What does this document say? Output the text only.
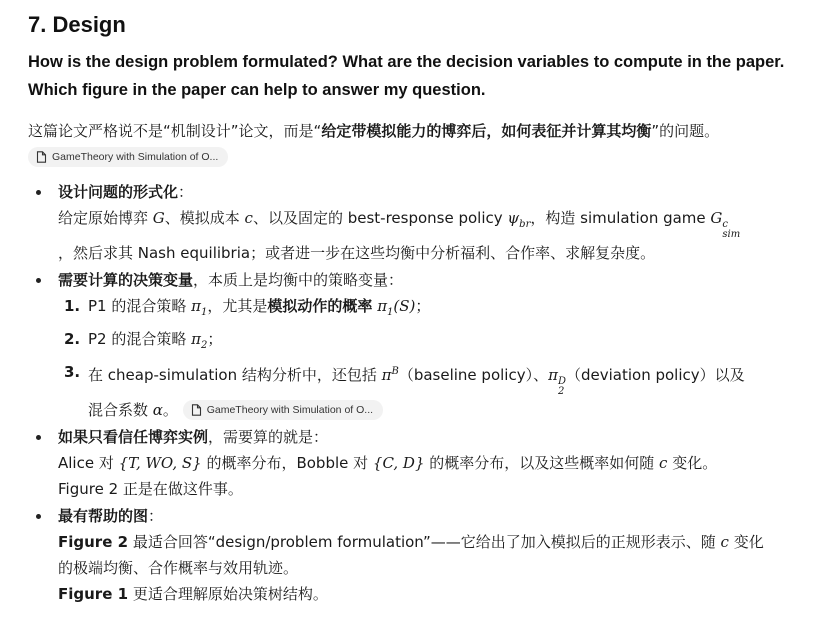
7. Design
How is the design problem formulated? What are the decision variables to compute in the paper. Which figure in the paper can help to answer my question.

这篇论文严格说不是“机制设计”论文，而是“给定带模拟能力的博弈后，如何表征并计算其均衡”的问题。

GameTheory with Simulation of O...
设计问题的形式化：
给定原始博弈 G、模拟成本 c、以及固定的 best-response policy $\psi_{br}$，构造 simulation game G c
sim

，然后求其 Nash equilibria；或者进一步在这些均衡中分析福利、合作率、求解复杂度。
需要计算的决策变量，本质上是均衡中的策略变量：
1. P1 的混合策略 $\pi_1$，尤其是模拟动作的概率 $\pi_1(S)$；
2. P2 的混合策略 $\pi_2$；
3. 在 cheap-simulation 结构分析中，还包括 $\pi^B(baseline$ policy）、π D
2
（deviation policy）以及
混合系数 α。	GameTheory with Simulation of O...
如果只看信任博弈实例，需要算的就是：
Alice 对 {T, WO, S} 的概率分布，Bobble 对 {C, D} 的概率分布，以及这些概率如何随 c 变化。
Figure 2 正是在做这件事。
最有帮助的图：
Figure 2 最适合回答“design/problem formulation”——它给出了加入模拟后的正规形表示、随 c 变化
的极端均衡、合作概率与效用轨迹。
Figure 1 更适合理解原始决策树结构。
